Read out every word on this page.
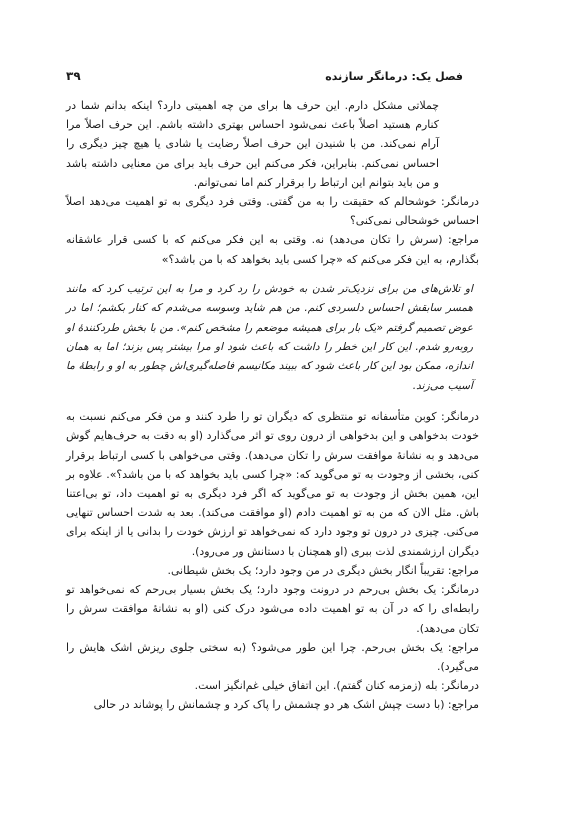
فصل یک: درمانگر سازنده
۳۹

چملاتی مشکل دارم. این حرف ها برای من چه اهمیتی دارد؟ اینکه بدانم شما در کنارم هستید اصلاً باعث نمی‌شود احساس بهتری داشته باشم. این حرف اصلاً مرا آرام نمی‌کند. من با شنیدن این حرف اصلاً رضایت یا شادی یا هیچ چیز دیگری را احساس نمی‌کنم. بنابراین، فکر می‌کنم این حرف باید برای من معنایی داشته باشد و من باید بتوانم این ارتباط را برقرار کنم اما نمی‌توانم.

درمانگر: خوشحالم که حقیقت را به من گفتی. وقتی فرد دیگری به تو اهمیت می‌دهد اصلاً احساس خوشحالی نمی‌کنی؟

مراجع: (سرش را تکان می‌دهد) نه. وقتی به این فکر می‌کنم که با کسی قرار عاشقانه بگذارم، به این فکر می‌کنم که «چرا کسی باید بخواهد که با من باشد؟»

او تلاش‌های من برای نزدیک‌تر شدن به خودش را رد کرد و مرا به این ترتیب کرد که مانند همسر سابقش احساس دلسردی کنم. من هم شاید وسوسه می‌شدم که کنار بکشم؛ اما در عوض تصمیم گرفتم «یک بار برای همیشه موضعم را مشخص کنم». من با بخش طردکنندهٔ او روبه‌رو شدم. این کار این خطر را داشت که باعث شود او مرا بیشتر پس بزند؛ اما به همان اندازه، ممکن بود این کار باعث شود که ببیند مکانیسم فاصله‌گیری‌اش چطور به او و رابطهٔ ما آسیب می‌زند.

درمانگر: کوبن متأسفانه تو منتظری که دیگران تو را طرد کنند و من فکر می‌کنم نسبت به خودت بدخواهی و این بدخواهی از درون روی تو اثر می‌گذارد (او به دقت به حرف‌هایم گوش می‌دهد و به نشانهٔ موافقت سرش را تکان می‌دهد). وقتی می‌خواهی با کسی ارتباط برقرار کنی، بخشی از وجودت به تو می‌گوید که: «چرا کسی باید بخواهد که با من باشد؟». علاوه بر این، همین بخش از وجودت به تو می‌گوید که اگر فرد دیگری به تو اهمیت داد، تو بی‌اعتنا باش. مثل الان که من به تو اهمیت دادم (او موافقت می‌کند). بعد به شدت احساس تنهایی می‌کنی. چیزی در درون تو وجود دارد که نمی‌خواهد تو ارزش خودت را بدانی یا از اینکه برای دیگران ارزشمندی لذت ببری (او همچنان با دستانش ور می‌رود).

مراجع: تقریباً انگار بخش دیگری در من وجود دارد؛ یک بخش شیطانی.

درمانگر: یک بخش بی‌رحم در درونت وجود دارد؛ یک بخش بسیار بی‌رحم که نمی‌خواهد تو رابطه‌ای را که در آن به تو اهمیت داده می‌شود درک کنی (او به نشانهٔ موافقت سرش را تکان می‌دهد).

مراجع: یک بخش بی‌رحم. چرا این طور می‌شود؟ (به سختی جلوی ریزش اشک هایش را می‌گیرد).

درمانگر: بله (زمزمه کنان گفتم). این اتفاق خیلی غم‌انگیز است.

مراجع: (با دست چپش اشک هر دو چشمش را پاک کرد و چشمانش را پوشاند در حالی
